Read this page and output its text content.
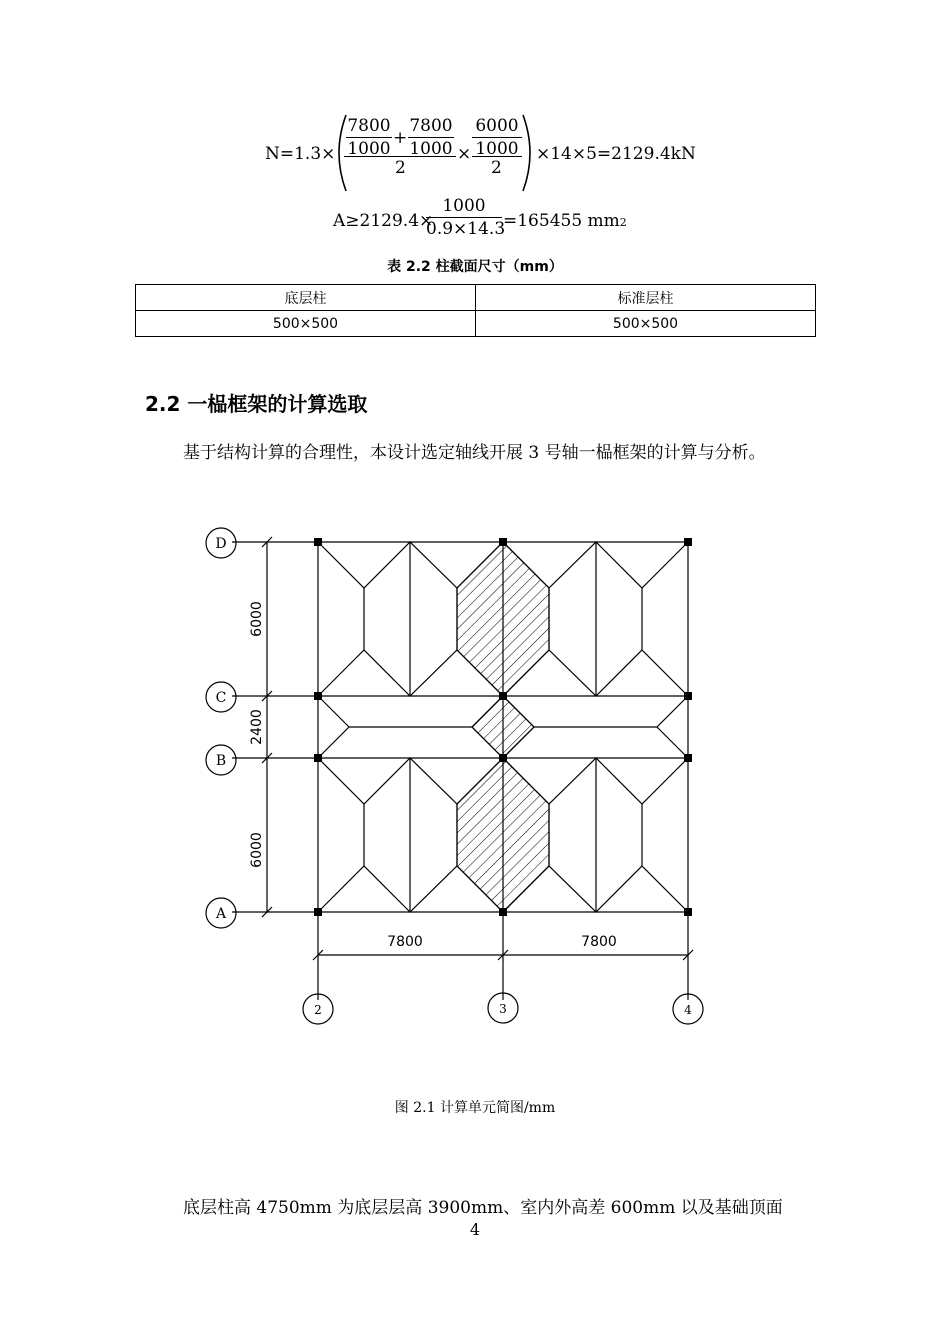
N=1.3×
7800
1000
+
7800
1000
2
×
6000
1000
2
×14×5=2129.4kN
A≥2129.4×
1000
0.9×14.3
=165455 mm2
表 2.2 柱截面尺寸（mm）
底层柱	标准层柱
500×500	500×500
2.2 一榀框架的计算选取
基于结构计算的合理性，本设计选定轴线开展 3 号轴一榀框架的计算与分析。
D
C
B
A
2	3	4
6000
2400
6000
7800	7800
图 2.1 计算单元简图/mm
底层柱高 4750mm 为底层层高 3900mm、室内外高差 600mm 以及基础顶面
4
